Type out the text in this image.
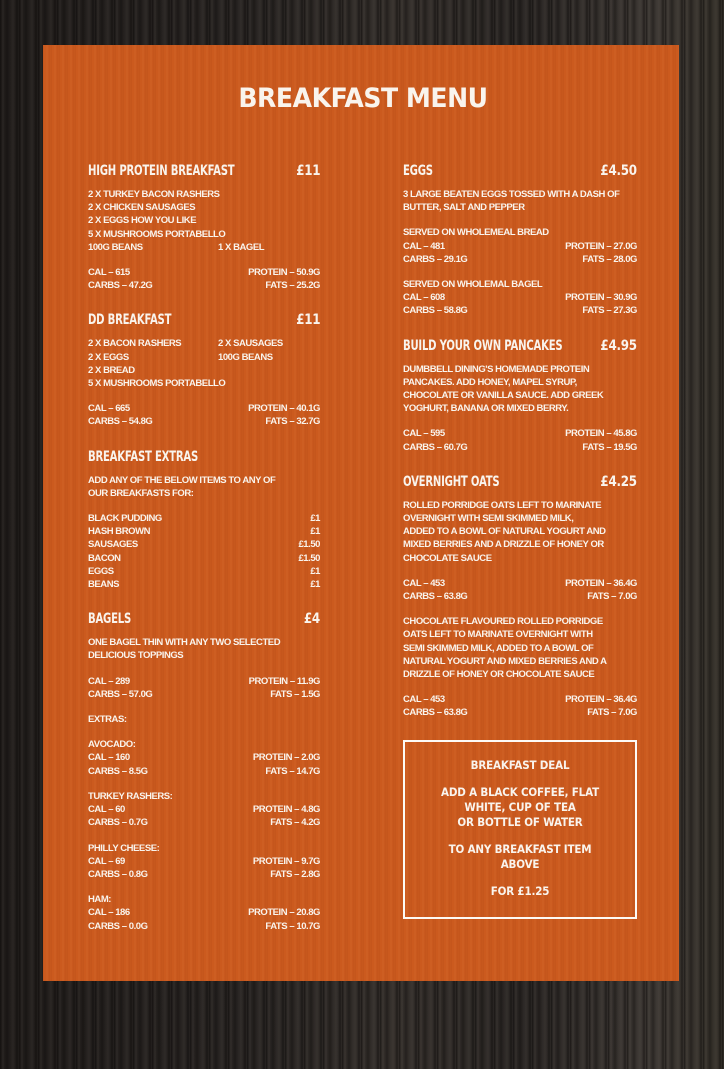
BREAKFAST MENU
HIGH PROTEIN BREAKFAST	£11
2 X TURKEY BACON RASHERS
2 X CHICKEN SAUSAGES
2 X EGGS HOW YOU LIKE
5 X MUSHROOMS PORTABELLO
100G BEANS	1 X BAGEL
CAL – 615	PROTEIN – 50.9G
CARBS – 47.2G	FATS – 25.2G
DD BREAKFAST	£11
2 X BACON RASHERS	2 X SAUSAGES
2 X EGGS	100G BEANS
2 X BREAD
5 X MUSHROOMS PORTABELLO
CAL – 665	PROTEIN – 40.1G
CARBS – 54.8G	FATS – 32.7G
BREAKFAST EXTRAS
ADD ANY OF THE BELOW ITEMS TO ANY OF
OUR BREAKFASTS FOR:
BLACK PUDDING	£1
HASH BROWN	£1
SAUSAGES	£1.50
BACON	£1.50
EGGS	£1
BEANS	£1
BAGELS	£4
ONE BAGEL THIN WITH ANY TWO SELECTED
DELICIOUS TOPPINGS
CAL – 289	PROTEIN – 11.9G
CARBS – 57.0G	FATS – 1.5G
EXTRAS:
AVOCADO:
CAL – 160	PROTEIN – 2.0G
CARBS – 8.5G	FATS – 14.7G
TURKEY RASHERS:
CAL – 60	PROTEIN – 4.8G
CARBS – 0.7G	FATS – 4.2G
PHILLY CHEESE:
CAL – 69	PROTEIN – 9.7G
CARBS – 0.8G	FATS – 2.8G
HAM:
CAL – 186	PROTEIN – 20.8G
CARBS – 0.0G	FATS – 10.7G
EGGS	£4.50
3 LARGE BEATEN EGGS TOSSED WITH A DASH OF
BUTTER, SALT AND PEPPER
SERVED ON WHOLEMEAL BREAD
CAL – 481	PROTEIN – 27.0G
CARBS – 29.1G	FATS – 28.0G
SERVED ON WHOLEMAL BAGEL
CAL – 608	PROTEIN – 30.9G
CARBS – 58.8G	FATS – 27.3G
BUILD YOUR OWN PANCAKES	£4.95
DUMBBELL DINING'S HOMEMADE PROTEIN
PANCAKES. ADD HONEY, MAPEL SYRUP,
CHOCOLATE OR VANILLA SAUCE. ADD GREEK
YOGHURT, BANANA OR MIXED BERRY.
CAL – 595	PROTEIN – 45.8G
CARBS – 60.7G	FATS – 19.5G
OVERNIGHT OATS	£4.25
ROLLED PORRIDGE OATS LEFT TO MARINATE
OVERNIGHT WITH SEMI SKIMMED MILK,
ADDED TO A BOWL OF NATURAL YOGURT AND
MIXED BERRIES AND A DRIZZLE OF HONEY OR
CHOCOLATE SAUCE
CAL – 453	PROTEIN – 36.4G
CARBS – 63.8G	FATS – 7.0G
CHOCOLATE FLAVOURED ROLLED PORRIDGE
OATS LEFT TO MARINATE OVERNIGHT WITH
SEMI SKIMMED MILK, ADDED TO A BOWL OF
NATURAL YOGURT AND MIXED BERRIES AND A
DRIZZLE OF HONEY OR CHOCOLATE SAUCE
CAL – 453	PROTEIN – 36.4G
CARBS – 63.8G	FATS – 7.0G
BREAKFAST DEAL
ADD A BLACK COFFEE, FLAT
WHITE, CUP OF TEA
OR BOTTLE OF WATER
TO ANY BREAKFAST ITEM
ABOVE
FOR £1.25
